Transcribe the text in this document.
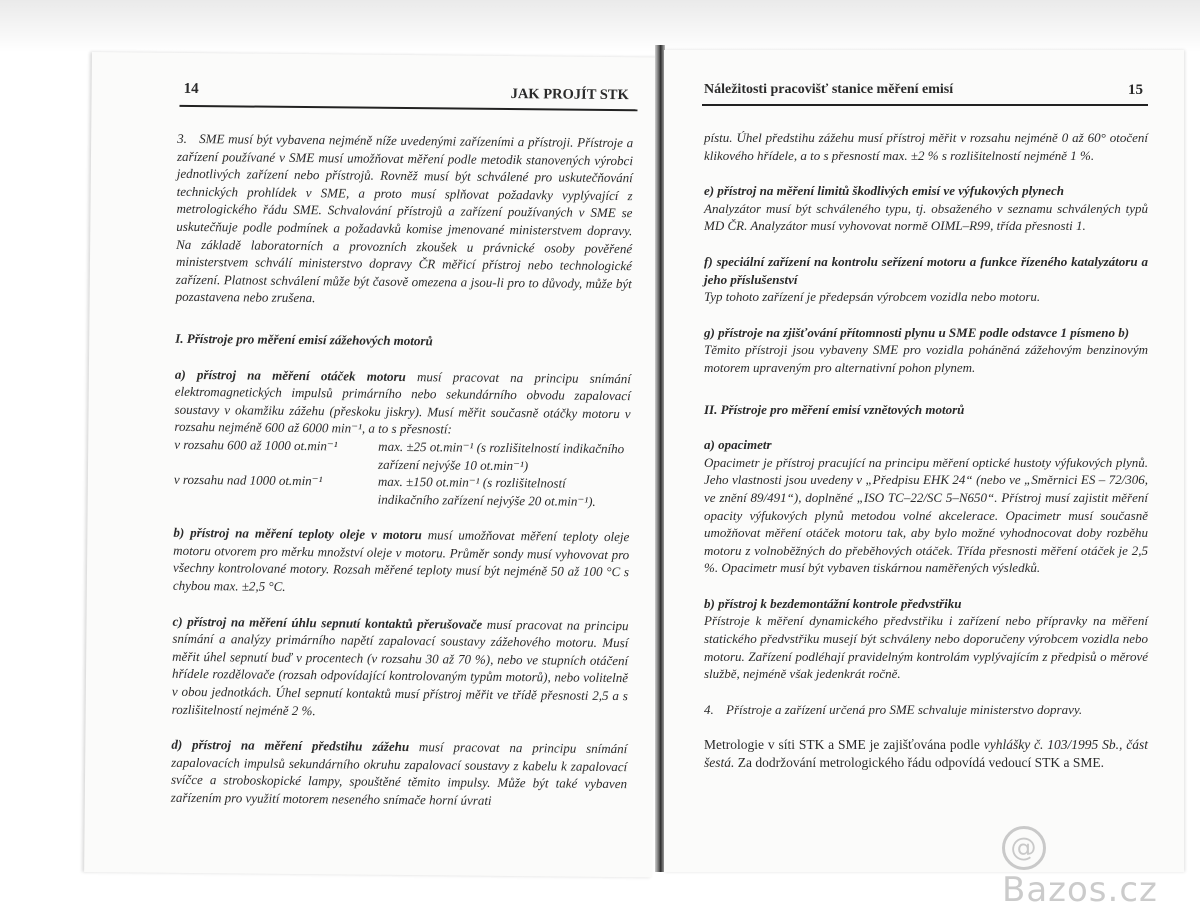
14	JAK PROJÍT STK

3. SME musí být vybavena nejméně níže uvedenými zařízeními a přístroji. Přístroje a zařízení používané v SME musí umožňovat měření podle metodik stanovených výrobci jednotlivých zařízení nebo přístrojů. Rovněž musí být schválené pro uskutečňování technických prohlídek v SME, a proto musí splňovat požadavky vyplývající z metrologického řádu SME. Schvalování přístrojů a zařízení používaných v SME se uskutečňuje podle podmínek a požadavků komise jmenované ministerstvem dopravy. Na základě laboratorních a provozních zkoušek u právnické osoby pověřené ministerstvem schválí ministerstvo dopravy ČR měřicí přístroj nebo technologické zařízení. Platnost schválení může být časově omezena a jsou-li pro to důvody, může být pozastavena nebo zrušena.

I. Přístroje pro měření emisí zážehových motorů

a) přístroj na měření otáček motoru musí pracovat na principu snímání elektromagnetických impulsů primárního nebo sekundárního obvodu zapalovací soustavy v okamžiku zážehu (přeskoku jiskry). Musí měřit současně otáčky motoru v rozsahu nejméně 600 až 6000 min⁻¹, a to s přesností:

v rozsahu 600 až 1000 ot.min⁻¹	max. ±25 ot.min⁻¹ (s rozlišitelností indikačního zařízení nejvýše 10 ot.min⁻¹)
v rozsahu nad 1000 ot.min⁻¹	max. ±150 ot.min⁻¹ (s rozlišitelností indikačního zařízení nejvýše 20 ot.min⁻¹).

b) přístroj na měření teploty oleje v motoru musí umožňovat měření teploty oleje motoru otvorem pro měrku množství oleje v motoru. Průměr sondy musí vyhovovat pro všechny kontrolované motory. Rozsah měřené teploty musí být nejméně 50 až 100 °C s chybou max. ±2,5 °C.

c) přístroj na měření úhlu sepnutí kontaktů přerušovače musí pracovat na principu snímání a analýzy primárního napětí zapalovací soustavy zážehového motoru. Musí měřit úhel sepnutí buď v procentech (v rozsahu 30 až 70 %), nebo ve stupních otáčení hřídele rozdělovače (rozsah odpovídající kontrolovaným typům motorů), nebo volitelně v obou jednotkách. Úhel sepnutí kontaktů musí přístroj měřit ve třídě přesnosti 2,5 a s rozlišitelností nejméně 2 %.

d) přístroj na měření předstihu zážehu musí pracovat na principu snímání zapalovacích impulsů sekundárního okruhu zapalovací soustavy z kabelu k zapalovací svíčce a stroboskopické lampy, spouštěné těmito impulsy. Může být také vybaven zařízením pro využití motorem neseného snímače horní úvrati

Náležitosti pracovišť stanice měření emisí	15

pístu. Úhel předstihu zážehu musí přístroj měřit v rozsahu nejméně 0 až 60° otočení klikového hřídele, a to s přesností max. ±2 % s rozlišitelností nejméně 1 %.

e) přístroj na měření limitů škodlivých emisí ve výfukových plynech

Analyzátor musí být schváleného typu, tj. obsaženého v seznamu schválených typů MD ČR. Analyzátor musí vyhovovat normě OIML–R99, třída přesnosti 1.

f) speciální zařízení na kontrolu seřízení motoru a funkce řízeného katalyzátoru a jeho příslušenství

Typ tohoto zařízení je předepsán výrobcem vozidla nebo motoru.

g) přístroje na zjišťování přítomnosti plynu u SME podle odstavce 1 písmeno b)

Těmito přístroji jsou vybaveny SME pro vozidla poháněná zážehovým benzinovým motorem upraveným pro alternativní pohon plynem.

II. Přístroje pro měření emisí vznětových motorů

a) opacimetr

Opacimetr je přístroj pracující na principu měření optické hustoty výfukových plynů. Jeho vlastnosti jsou uvedeny v „Předpisu EHK 24“ (nebo ve „Směrnici ES – 72/306, ve znění 89/491“), doplněné „ISO TC–22/SC 5–N650“. Přístroj musí zajistit měření opacity výfukových plynů metodou volné akcelerace. Opacimetr musí současně umožňovat měření otáček motoru tak, aby bylo možné vyhodnocovat doby rozběhu motoru z volnoběžných do přeběhových otáček. Třída přesnosti měření otáček je 2,5 %. Opacimetr musí být vybaven tiskárnou naměřených výsledků.

b) přístroj k bezdemontážní kontrole předvstřiku

Přístroje k měření dynamického předvstřiku i zařízení nebo přípravky na měření statického předvstřiku musejí být schváleny nebo doporučeny výrobcem vozidla nebo motoru. Zařízení podléhají pravidelným kontrolám vyplývajícím z předpisů o měrové službě, nejméně však jedenkrát ročně.

4. Přístroje a zařízení určená pro SME schvaluje ministerstvo dopravy.

Metrologie v síti STK a SME je zajišťována podle vyhlášky č. 103/1995 Sb., část šestá. Za dodržování metrologického řádu odpovídá vedoucí STK a SME.

@Bazos.cz
